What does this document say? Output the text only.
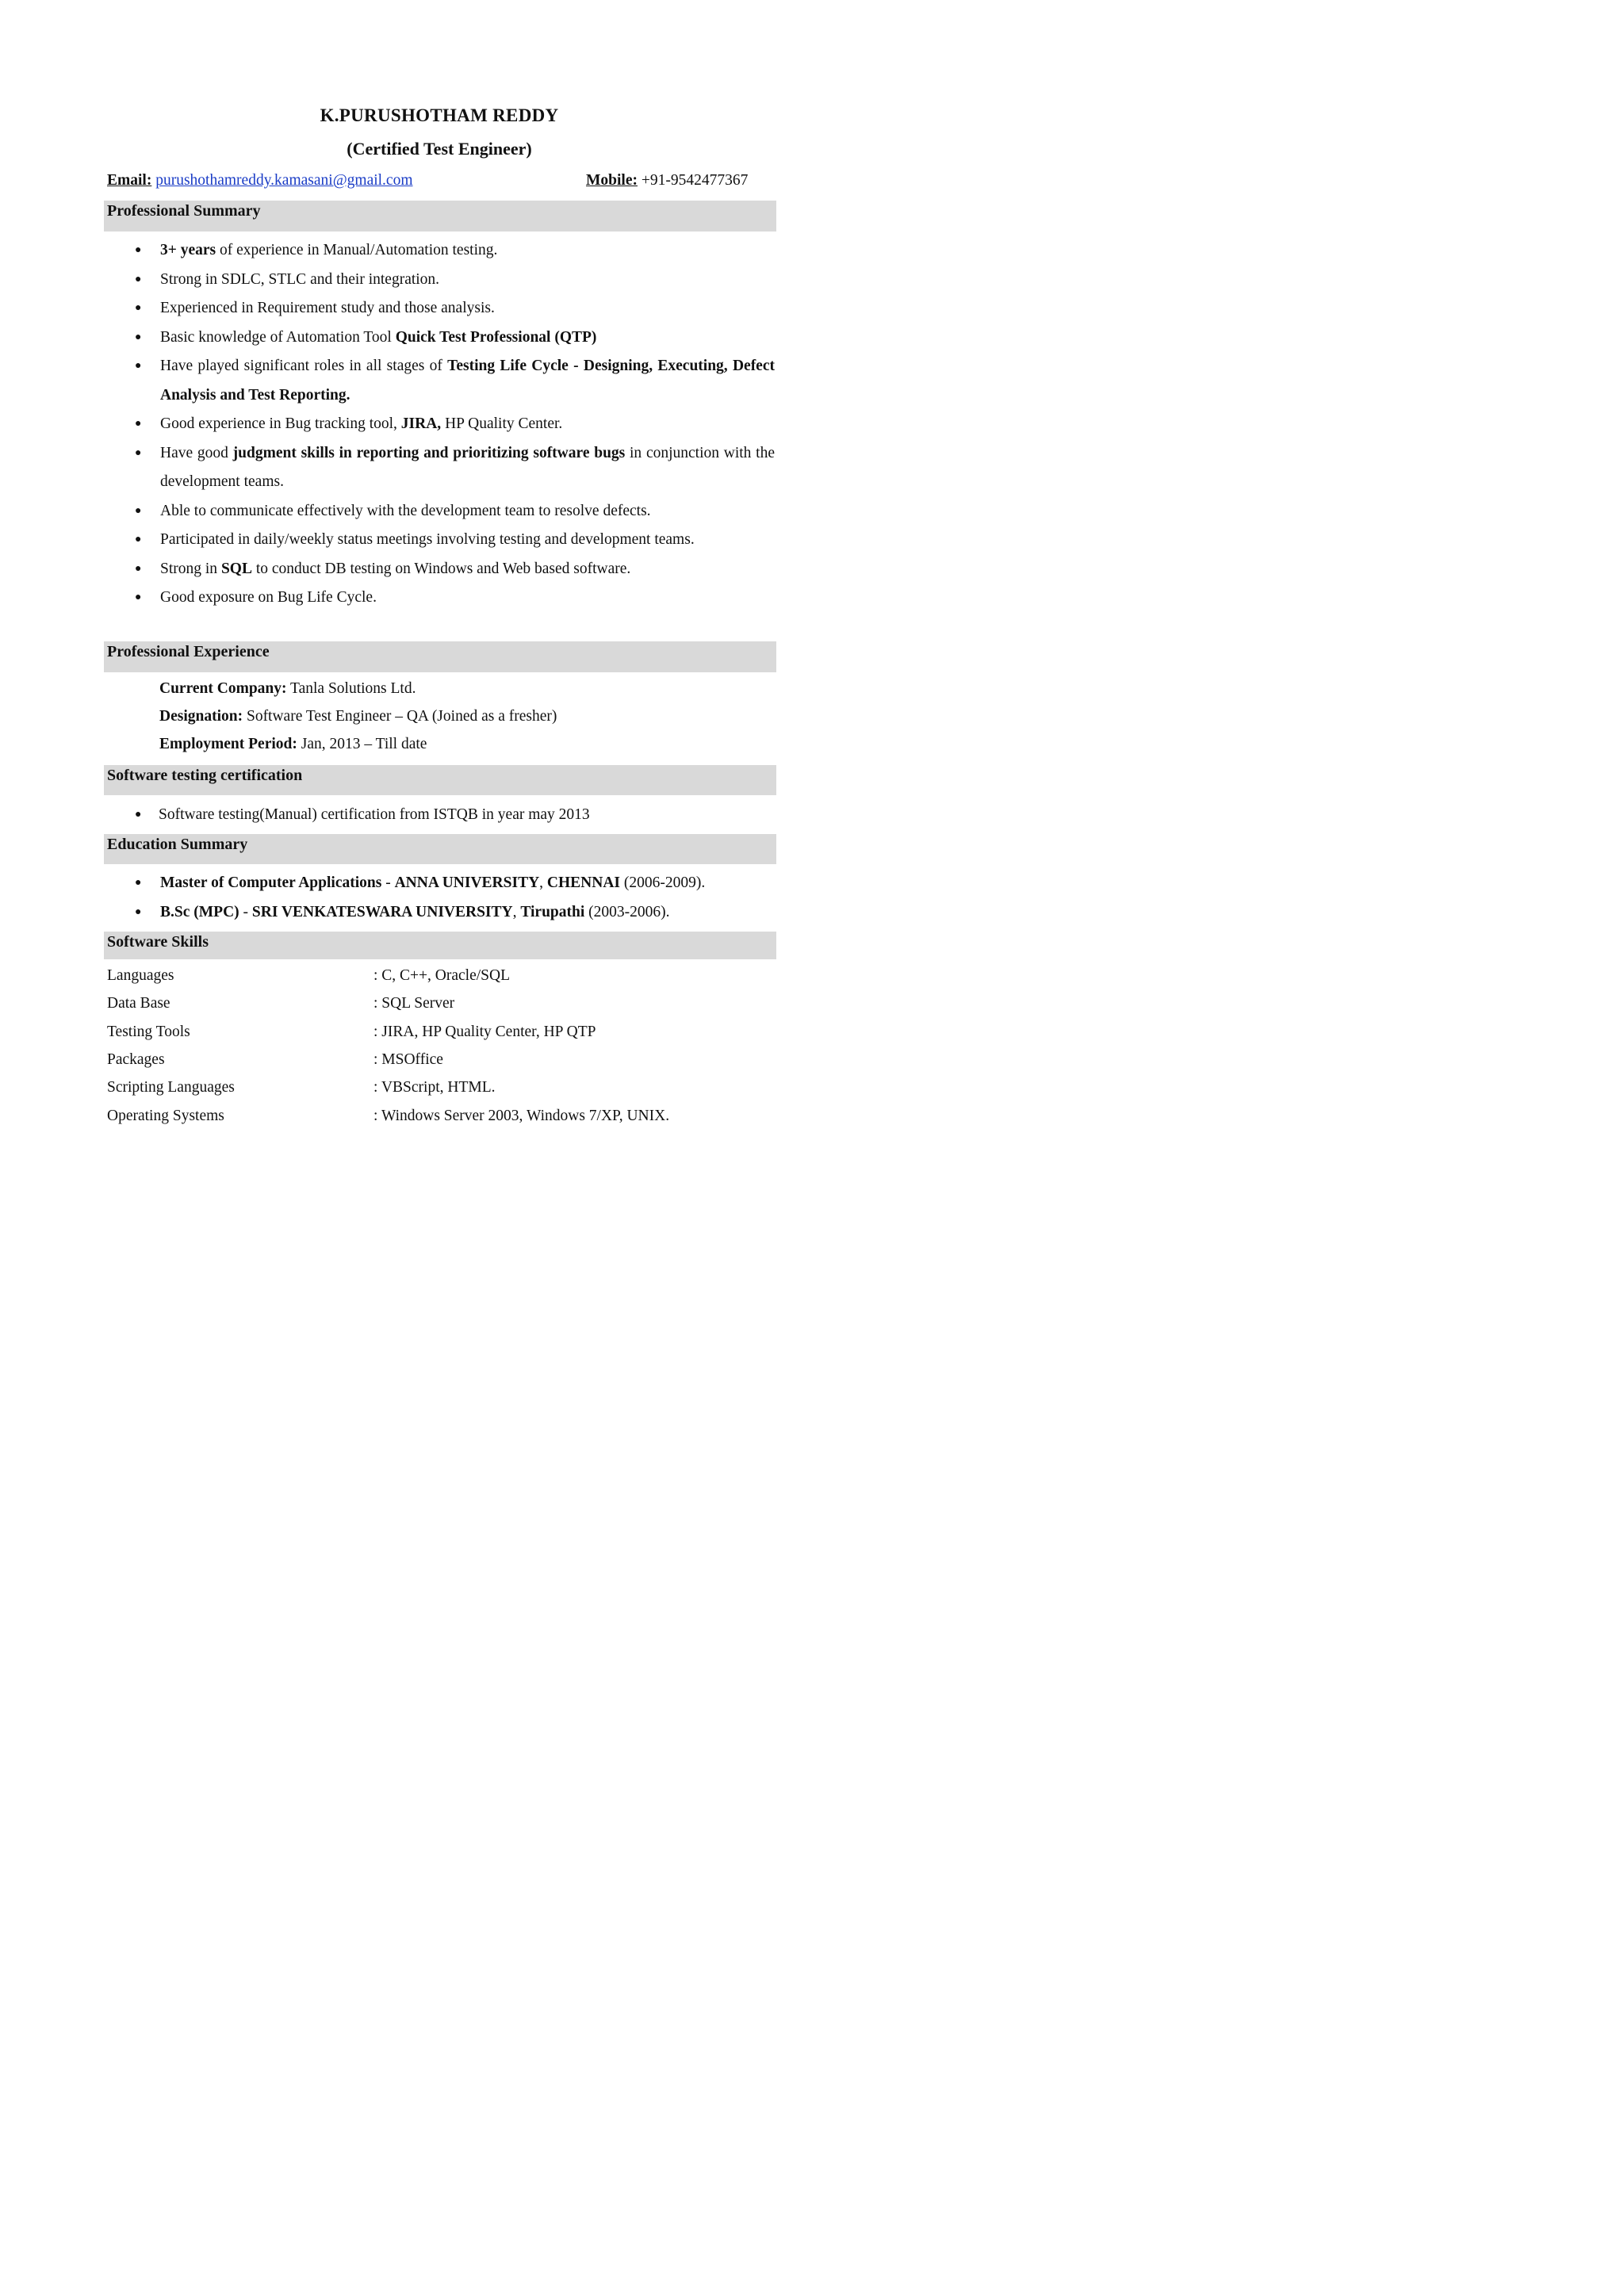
K.PURUSHOTHAM REDDY
(Certified Test Engineer)
Email: purushothamreddy.kamasani@gmail.com	Mobile: +91-9542477367
Professional Summary
● 3+ years of experience in Manual/Automation testing.
● Strong in SDLC, STLC and their integration.
● Experienced in Requirement study and those analysis.
● Basic knowledge of Automation Tool Quick Test Professional (QTP)
● Have played significant roles in all stages of Testing Life Cycle - Designing, Executing, Defect Analysis and Test Reporting.
● Good experience in Bug tracking tool, JIRA, HP Quality Center.
● Have good judgment skills in reporting and prioritizing software bugs in conjunction with the development teams.
● Able to communicate effectively with the development team to resolve defects.
● Participated in daily/weekly status meetings involving testing and development teams.
● Strong in SQL to conduct DB testing on Windows and Web based software.
● Good exposure on Bug Life Cycle.
Professional Experience
Current Company: Tanla Solutions Ltd.
Designation: Software Test Engineer – QA (Joined as a fresher)
Employment Period: Jan, 2013 – Till date
Software testing certification
● Software testing(Manual) certification from ISTQB in year may 2013
Education Summary
● Master of Computer Applications - ANNA UNIVERSITY, CHENNAI (2006-2009).
● B.Sc (MPC) - SRI VENKATESWARA UNIVERSITY, Tirupathi (2003-2006).
Software Skills
Languages	: C, C++, Oracle/SQL
Data Base	: SQL Server
Testing Tools	: JIRA, HP Quality Center, HP QTP
Packages	: MSOffice
Scripting Languages	: VBScript, HTML.
Operating Systems	: Windows Server 2003, Windows 7/XP, UNIX.
